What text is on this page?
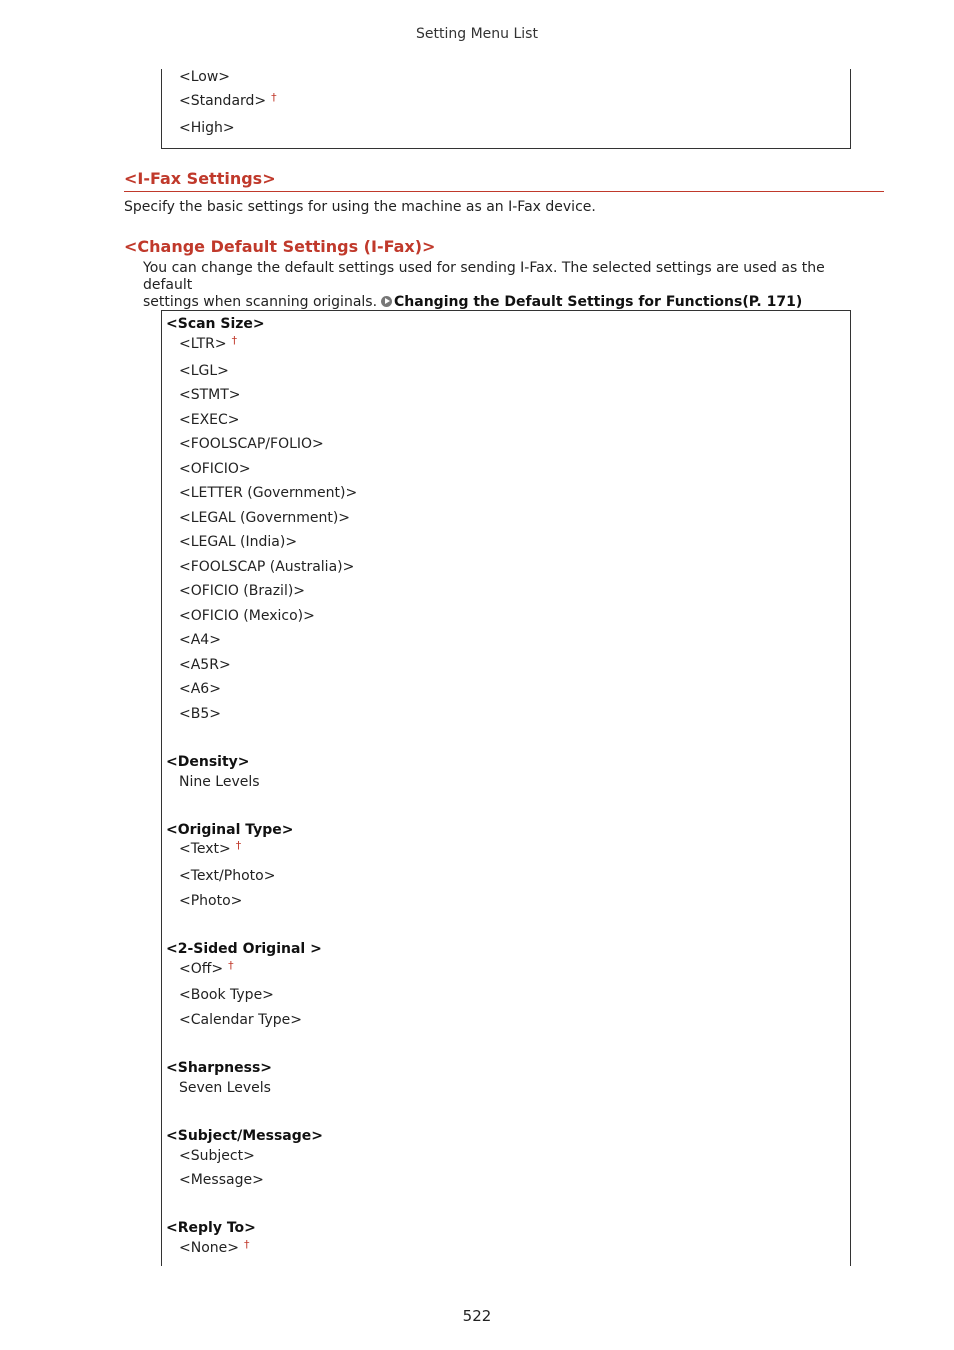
Setting Menu List
<Low>
<Standard> †
<High>
<I-Fax Settings>
Specify the basic settings for using the machine as an I-Fax device.
<Change Default Settings (I-Fax)>
You can change the default settings used for sending I-Fax. The selected settings are used as the default
settings when scanning originals. Changing the Default Settings for Functions(P. 171)
<Scan Size>
<LTR> †
<LGL>
<STMT>
<EXEC>
<FOOLSCAP/FOLIO>
<OFICIO>
<LETTER (Government)>
<LEGAL (Government)>
<LEGAL (India)>
<FOOLSCAP (Australia)>
<OFICIO (Brazil)>
<OFICIO (Mexico)>
<A4>
<A5R>
<A6>
<B5>
<Density>
Nine Levels
<Original Type>
<Text> †
<Text/Photo>
<Photo>
<2-Sided Original >
<Off> †
<Book Type>
<Calendar Type>
<Sharpness>
Seven Levels
<Subject/Message>
<Subject>
<Message>
<Reply To>
<None> †
522
